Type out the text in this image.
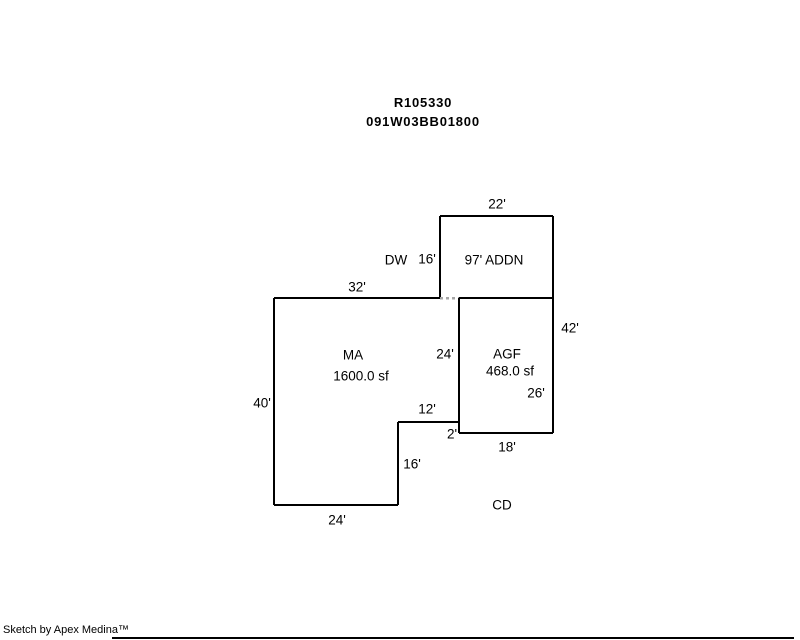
R105330
091W03BB01800
22'
DW 16' 97' ADDN
32'
42'
MA
1600.0 sf
24'	AGF
468.0 sf
26'
40'	12'
2'
18'
16'
CD
24'
Sketch by Apex Medina™
